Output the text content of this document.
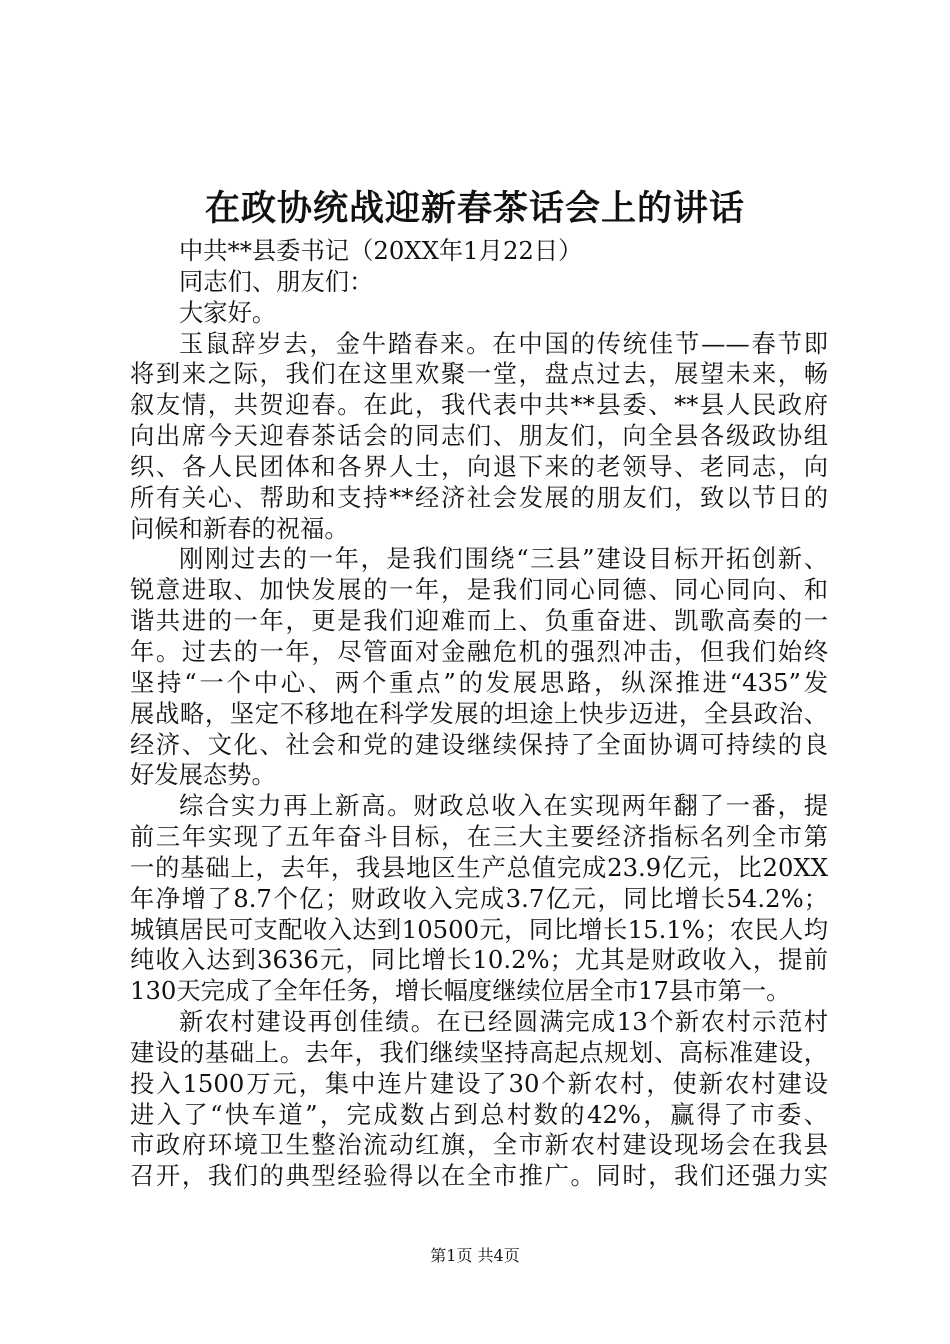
在政协统战迎新春茶话会上的讲话
中共**县委书记（20XX年1月22日）
同志们、朋友们：
大家好。
玉鼠辞岁去，金牛踏春来。在中国的传统佳节——春节即
将到来之际，我们在这里欢聚一堂，盘点过去，展望未来，畅
叙友情，共贺迎春。在此，我代表中共**县委、**县人民政府
向出席今天迎春茶话会的同志们、朋友们，向全县各级政协组
织、各人民团体和各界人士，向退下来的老领导、老同志，向
所有关心、帮助和支持**经济社会发展的朋友们，致以节日的
问候和新春的祝福。
刚刚过去的一年，是我们围绕“三县”建设目标开拓创新、
锐意进取、加快发展的一年，是我们同心同德、同心同向、和
谐共进的一年，更是我们迎难而上、负重奋进、凯歌高奏的一
年。过去的一年，尽管面对金融危机的强烈冲击，但我们始终
坚持“一个中心、两个重点”的发展思路，纵深推进“435”发
展战略，坚定不移地在科学发展的坦途上快步迈进，全县政治、
经济、文化、社会和党的建设继续保持了全面协调可持续的良
好发展态势。
综合实力再上新高。财政总收入在实现两年翻了一番，提
前三年实现了五年奋斗目标，在三大主要经济指标名列全市第
一的基础上，去年，我县地区生产总值完成23.9亿元，比20XX
年净增了8.7个亿；财政收入完成3.7亿元，同比增长54.2%；
城镇居民可支配收入达到10500元，同比增长15.1%；农民人均
纯收入达到3636元，同比增长10.2%；尤其是财政收入，提前
130天完成了全年任务，增长幅度继续位居全市17县市第一。
新农村建设再创佳绩。在已经圆满完成13个新农村示范村
建设的基础上。去年，我们继续坚持高起点规划、高标准建设，
投入1500万元，集中连片建设了30个新农村，使新农村建设
进入了“快车道”，完成数占到总村数的42%，赢得了市委、
市政府环境卫生整治流动红旗，全市新农村建设现场会在我县
召开，我们的典型经验得以在全市推广。同时，我们还强力实
第1页 共4页
